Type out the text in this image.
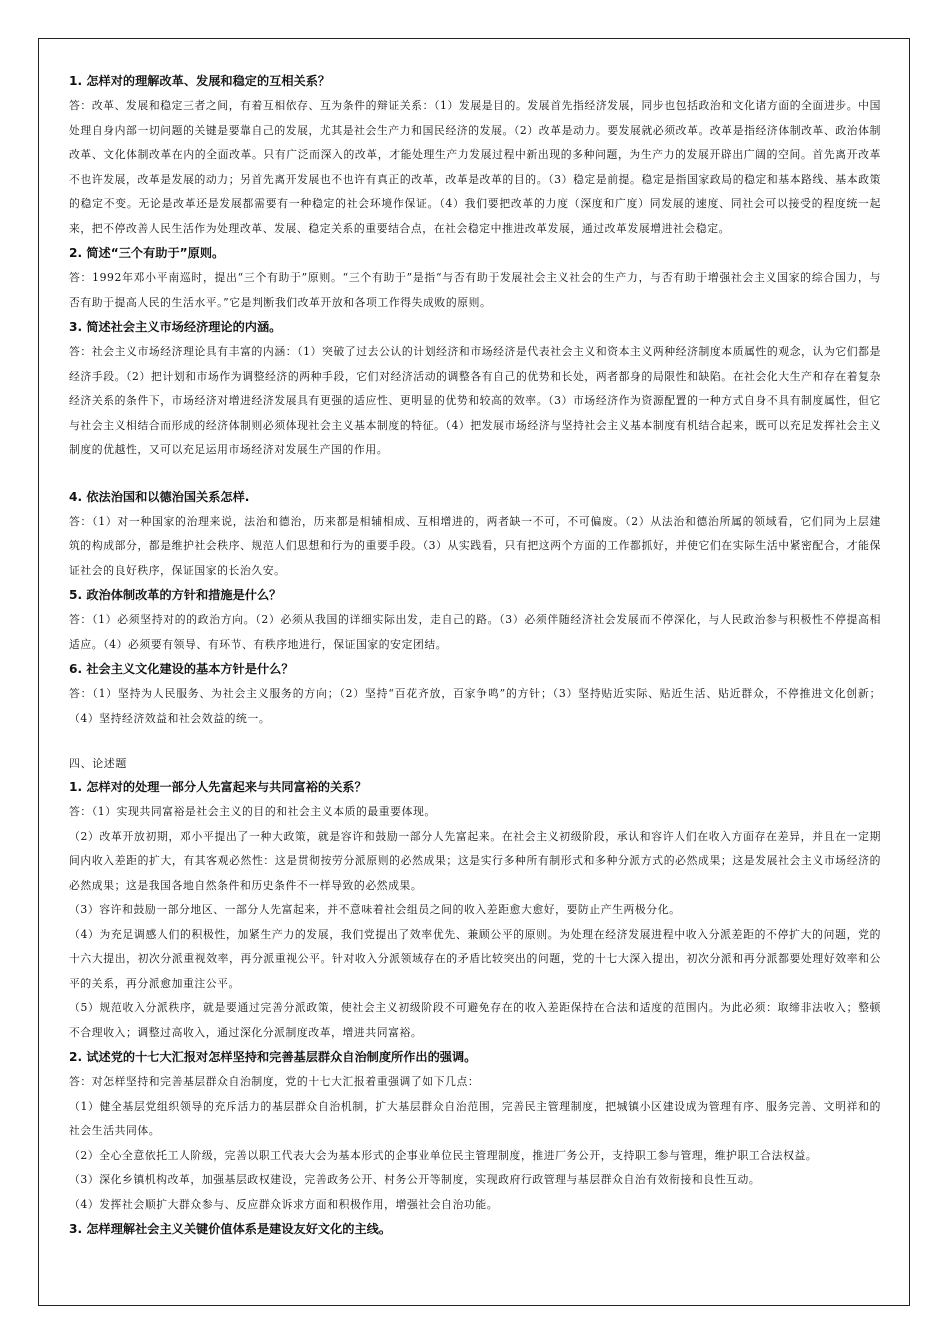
1. 怎样对的理解改革、发展和稳定的互相关系？

答：改革、发展和稳定三者之间，有着互相依存、互为条件的辩证关系：（1）发展是目的。发展首先指经济发展，同步也包括政治和文化诸方面的全面进步。中国处理自身内部一切问题的关键是要靠自己的发展，尤其是社会生产力和国民经济的发展。（2）改革是动力。要发展就必须改革。改革是指经济体制改革、政治体制改革、文化体制改革在内的全面改革。只有广泛而深入的改革，才能处理生产力发展过程中新出现的多种问题，为生产力的发展开辟出广阔的空间。首先离开改革不也许发展，改革是发展的动力；另首先离开发展也不也许有真正的改革，改革是改革的目的。（3）稳定是前提。稳定是指国家政局的稳定和基本路线、基本政策的稳定不变。无论是改革还是发展都需要有一种稳定的社会环境作保证。（4）我们要把改革的力度（深度和广度）同发展的速度、同社会可以接受的程度统一起来，把不停改善人民生活作为处理改革、发展、稳定关系的重要结合点，在社会稳定中推进改革发展，通过改革发展增进社会稳定。

2. 简述“三个有助于”原则。

答：1992年邓小平南巡时，提出“三个有助于”原则。“三个有助于”是指“与否有助于发展社会主义社会的生产力，与否有助于增强社会主义国家的综合国力，与否有助于提高人民的生活水平。”它是判断我们改革开放和各项工作得失成败的原则。

3. 简述社会主义市场经济理论的内涵。

答：社会主义市场经济理论具有丰富的内涵：（1）突破了过去公认的计划经济和市场经济是代表社会主义和资本主义两种经济制度本质属性的观念，认为它们都是经济手段。（2）把计划和市场作为调整经济的两种手段，它们对经济活动的调整各有自己的优势和长处，两者都身的局限性和缺陷。在社会化大生产和存在着复杂经济关系的条件下，市场经济对增进经济发展具有更强的适应性、更明显的优势和较高的效率。（3）市场经济作为资源配置的一种方式自身不具有制度属性，但它与社会主义相结合而形成的经济体制则必须体现社会主义基本制度的特征。（4）把发展市场经济与坚持社会主义基本制度有机结合起来，既可以充足发挥社会主义制度的优越性，又可以充足运用市场经济对发展生产国的作用。

4. 依法治国和以德治国关系怎样.

答：（1）对一种国家的治理来说，法治和德治，历来都是相辅相成、互相增进的，两者缺一不可，不可偏废。（2）从法治和德治所属的领域看，它们同为上层建筑的构成部分，都是维护社会秩序、规范人们思想和行为的重要手段。（3）从实践看，只有把这两个方面的工作都抓好，并使它们在实际生活中紧密配合，才能保证社会的良好秩序，保证国家的长治久安。

5. 政治体制改革的方针和措施是什么？

答：（1）必须坚持对的的政治方向。（2）必须从我国的详细实际出发，走自己的路。（3）必须伴随经济社会发展而不停深化，与人民政治参与积极性不停提高相适应。（4）必须要有领导、有环节、有秩序地进行，保证国家的安定团结。

6. 社会主义文化建设的基本方针是什么？

答：（1）坚持为人民服务、为社会主义服务的方向；（2）坚持“百花齐放，百家争鸣”的方针；（3）坚持贴近实际、贴近生活、贴近群众，不停推进文化创新；（4）坚持经济效益和社会效益的统一。

四、论述题

1. 怎样对的处理一部分人先富起来与共同富裕的关系？

答：（1）实现共同富裕是社会主义的目的和社会主义本质的最重要体现。

（2）改革开放初期，邓小平提出了一种大政策，就是容许和鼓励一部分人先富起来。在社会主义初级阶段，承认和容许人们在收入方面存在差异，并且在一定期间内收入差距的扩大，有其客观必然性：这是贯彻按劳分派原则的必然成果；这是实行多种所有制形式和多种分派方式的必然成果；这是发展社会主义市场经济的必然成果；这是我国各地自然条件和历史条件不一样导致的必然成果。

（3）容许和鼓励一部分地区、一部分人先富起来，并不意味着社会组员之间的收入差距愈大愈好，要防止产生两极分化。

（4）为充足调感人们的积极性，加紧生产力的发展，我们党提出了效率优先、兼顾公平的原则。为处理在经济发展进程中收入分派差距的不停扩大的问题，党的十六大提出，初次分派重视效率，再分派重视公平。针对收入分派领域存在的矛盾比较突出的问题，党的十七大深入提出，初次分派和再分派都要处理好效率和公平的关系，再分派愈加重注公平。

（5）规范收入分派秩序，就是要通过完善分派政策，使社会主义初级阶段不可避免存在的收入差距保持在合法和适度的范围内。为此必须：取缔非法收入；整顿不合理收入；调整过高收入，通过深化分派制度改革，增进共同富裕。

2. 试述党的十七大汇报对怎样坚持和完善基层群众自治制度所作出的强调。

答：对怎样坚持和完善基层群众自治制度，党的十七大汇报着重强调了如下几点：

（1）健全基层党组织领导的充斥活力的基层群众自治机制，扩大基层群众自治范围，完善民主管理制度，把城镇小区建设成为管理有序、服务完善、文明祥和的社会生活共同体。

（2）全心全意依托工人阶级，完善以职工代表大会为基本形式的企事业单位民主管理制度，推进厂务公开，支持职工参与管理，维护职工合法权益。

（3）深化乡镇机构改革，加强基层政权建设，完善政务公开、村务公开等制度，实现政府行政管理与基层群众自治有效衔接和良性互动。

（4）发挥社会顺扩大群众参与、反应群众诉求方面和积极作用，增强社会自治功能。

3. 怎样理解社会主义关键价值体系是建设友好文化的主线。
